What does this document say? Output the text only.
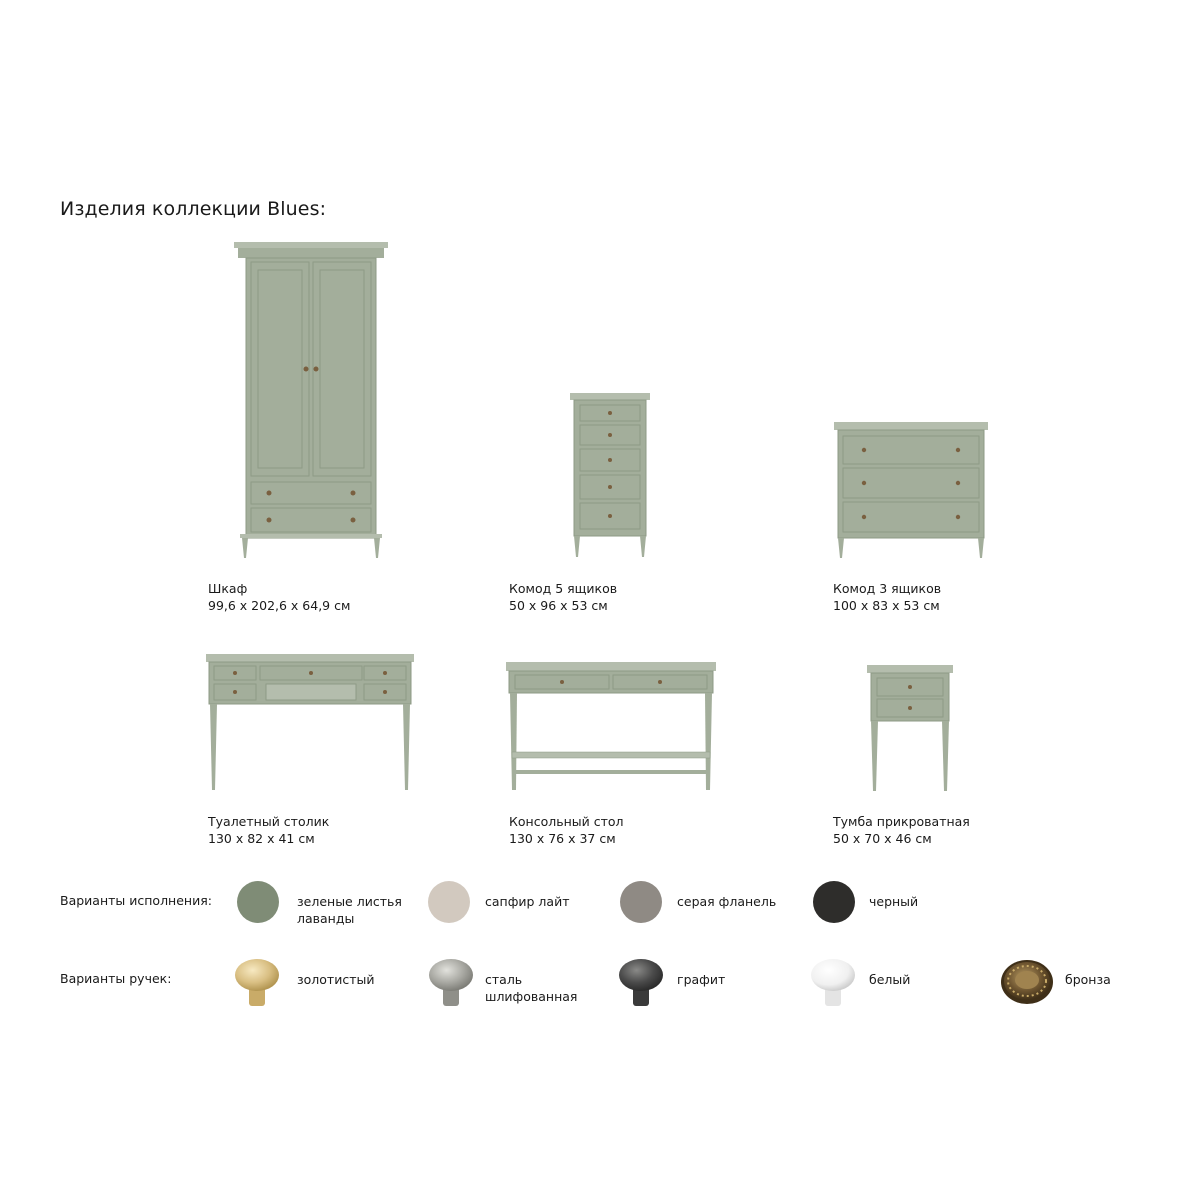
Изделия коллекции Blues:
Шкаф
99,6 x 202,6 x 64,9 см
Комод 5 ящиков
50 x 96 x 53 см
Комод 3 ящиков
100 x 83 x 53 см
Туалетный столик
130 x 82 x 41 см
Консольный стол
130 x 76 x 37 см
Тумба прикроватная
50 x 70 x 46 см
Варианты исполнения:	зеленые листья
лаванды
сапфир лайт	серая фланель	черный
Варианты ручек:	золотистый	сталь
шлифованная
графит	белый	бронза
